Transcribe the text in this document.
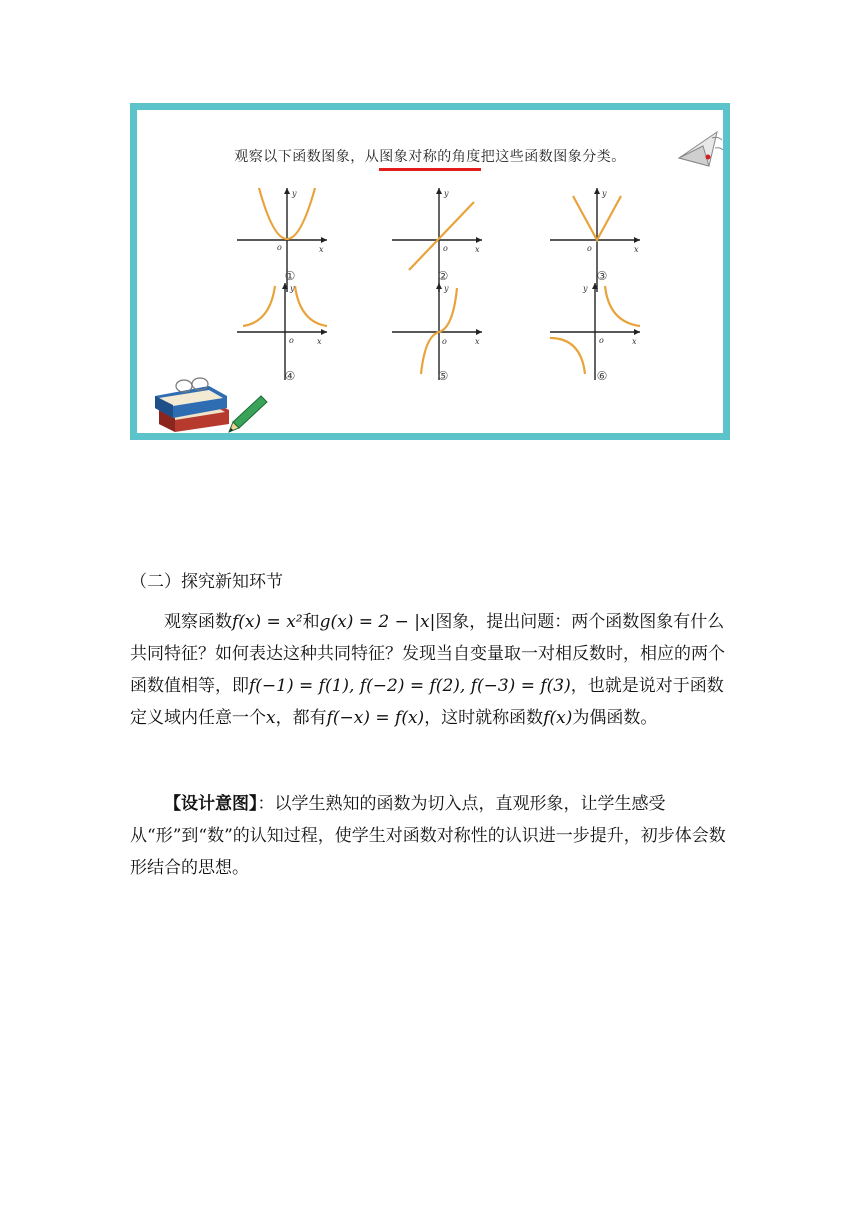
观察以下函数图象，从图象对称的角度把这些函数图象分类。
y
x
o
y
x
o
y
x
o
y
x
o
y
x
o
y
x
o
①	②	③
④	⑤	⑥
（二）探究新知环节

观察函数f(x) = x²和g(x) = 2 − |x|图象，提出问题：两个函数图象有什么共同特征？如何表达这种共同特征？发现当自变量取一对相反数时，相应的两个函数值相等，即f(−1) = f(1), f(−2) = f(2), f(−3) = f(3)，也就是说对于函数定义域内任意一个x，都有f(−x) = f(x)，这时就称函数f(x)为偶函数。

【设计意图】：以学生熟知的函数为切入点，直观形象，让学生感受从“形”到“数”的认知过程，使学生对函数对称性的认识进一步提升，初步体会数形结合的思想。
